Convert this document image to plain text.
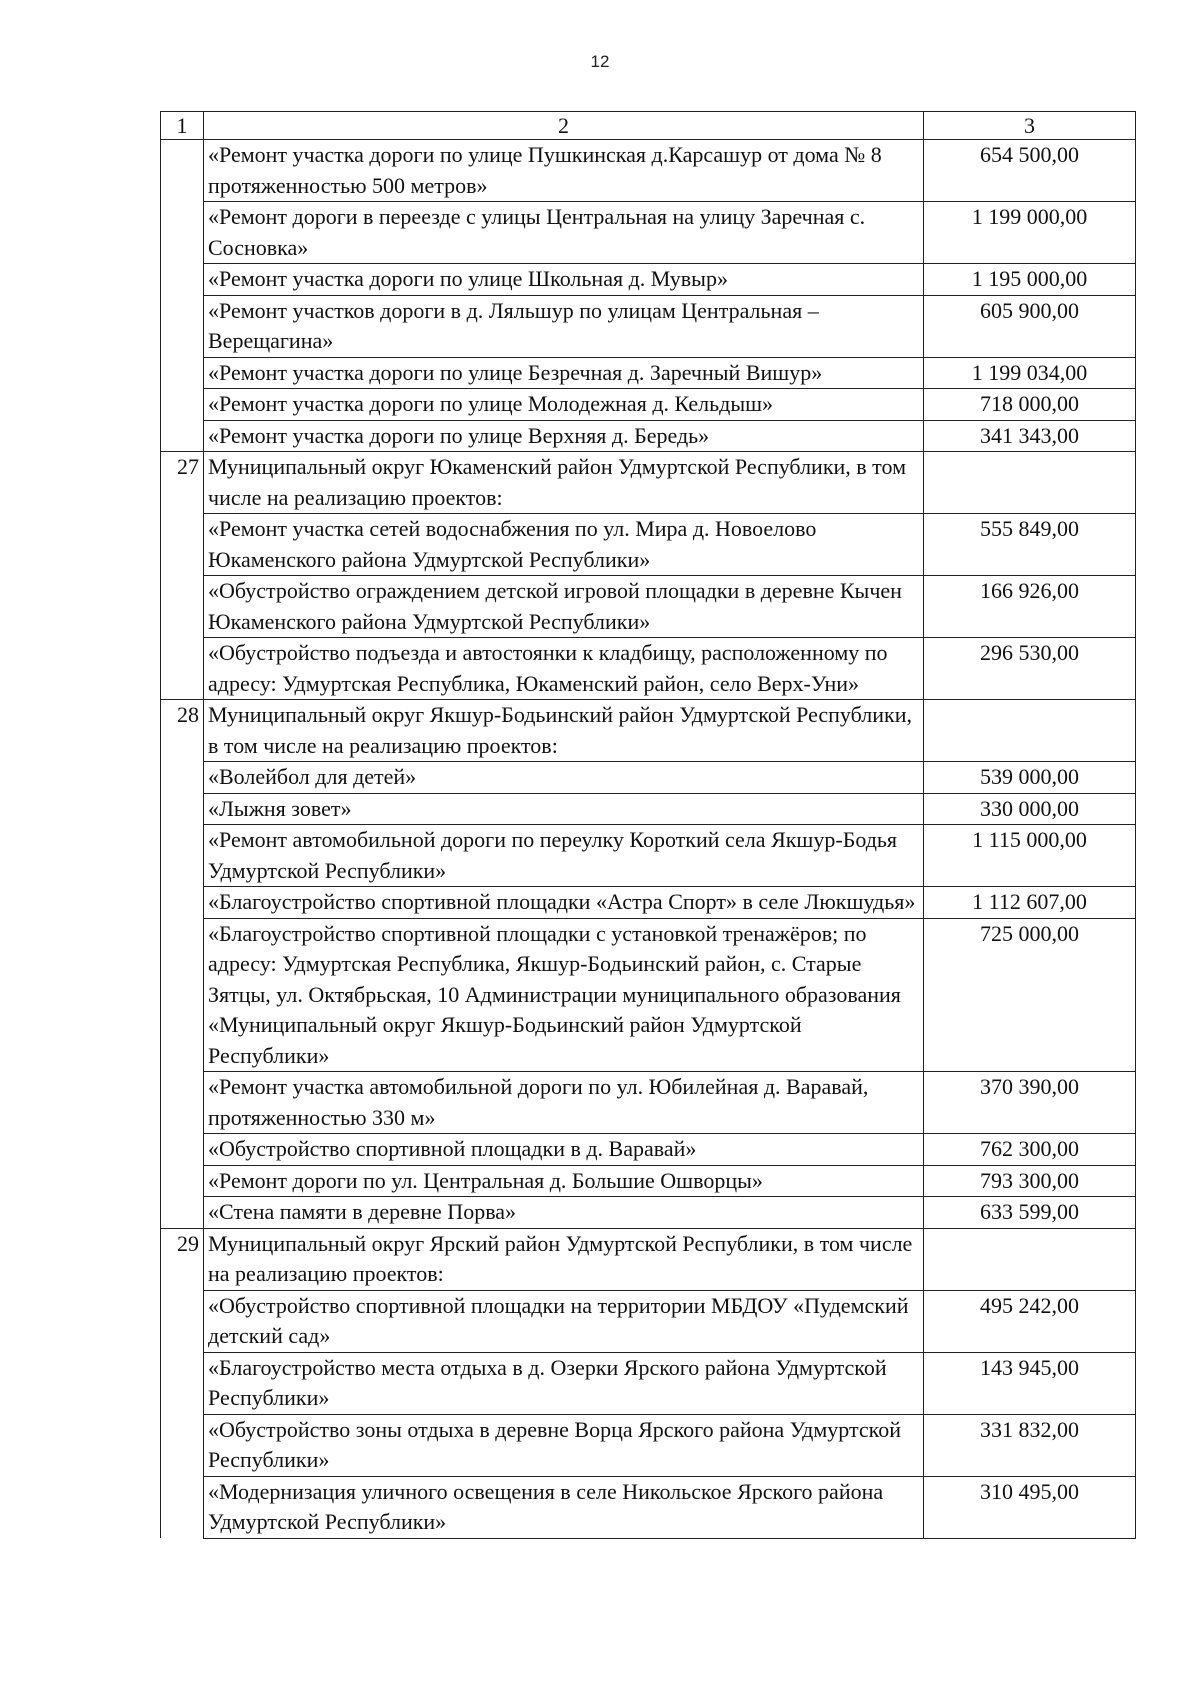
12
1	2	3
	«Ремонт участка дороги по улице Пушкинская д.Карсашур от дома № 8 протяженностью 500 метров»	654 500,00
	«Ремонт дороги в переезде с улицы Центральная на улицу Заречная с. Сосновка»	1 199 000,00
	«Ремонт участка дороги по улице Школьная д. Мувыр»	1 195 000,00
	«Ремонт участков дороги в д. Ляльшур по улицам Центральная – Верещагина»	605 900,00
	«Ремонт участка дороги по улице Безречная д. Заречный Вишур»	1 199 034,00
	«Ремонт участка дороги по улице Молодежная д. Кельдыш»	718 000,00
	«Ремонт участка дороги по улице Верхняя д. Бередь»	341 343,00
27	Муниципальный округ Юкаменский район Удмуртской Республики, в том числе на реализацию проектов:	
	«Ремонт участка сетей водоснабжения по ул. Мира д. Новоелово Юкаменского района Удмуртской Республики»	555 849,00
	«Обустройство ограждением детской игровой площадки в деревне Кычен Юкаменского района Удмуртской Республики»	166 926,00
	«Обустройство подъезда и автостоянки к кладбищу, расположенному по адресу: Удмуртская Республика, Юкаменский район, село Верх-Уни»	296 530,00
28	Муниципальный округ Якшур-Бодьинский район Удмуртской Республики, в том числе на реализацию проектов:	
	«Волейбол для детей»	539 000,00
	«Лыжня зовет»	330 000,00
	«Ремонт автомобильной дороги по переулку Короткий села Якшур-Бодья Удмуртской Республики»	1 115 000,00
	«Благоустройство спортивной площадки «Астра Спорт» в селе Люкшудья»	1 112 607,00
	«Благоустройство спортивной площадки с установкой тренажёров; по адресу: Удмуртская Республика, Якшур-Бодьинский район, с. Старые Зятцы, ул. Октябрьская, 10 Администрации муниципального образования «Муниципальный округ Якшур-Бодьинский район Удмуртской Республики»	725 000,00
	«Ремонт участка автомобильной дороги по ул. Юбилейная д. Варавай, протяженностью 330 м»	370 390,00
	«Обустройство спортивной площадки в д. Варавай»	762 300,00
	«Ремонт дороги по ул. Центральная д. Большие Ошворцы»	793 300,00
	«Стена памяти в деревне Порва»	633 599,00
29	Муниципальный округ Ярский район Удмуртской Республики, в том числе на реализацию проектов:	
	«Обустройство спортивной площадки на территории МБДОУ «Пудемский детский сад»	495 242,00
	«Благоустройство места отдыха в д. Озерки Ярского района Удмуртской Республики»	143 945,00
	«Обустройство зоны отдыха в деревне Ворца Ярского района Удмуртской Республики»	331 832,00
	«Модернизация уличного освещения в селе Никольское Ярского района Удмуртской Республики»	310 495,00
